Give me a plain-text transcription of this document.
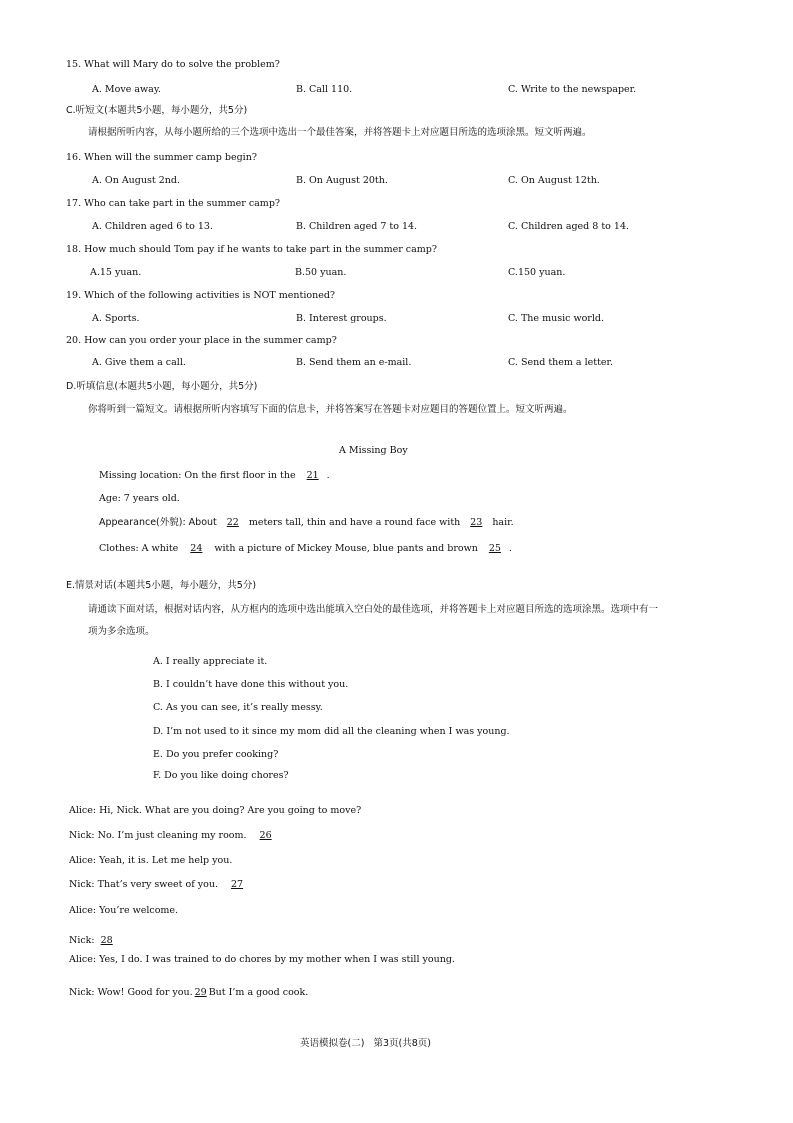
15. What will Mary do to solve the problem?
A. Move away.	B. Call 110.	C. Write to the newspaper.
C.听短文(本题共5小题，每小题分，共5分)
请根据所听内容，从每小题所给的三个选项中选出一个最佳答案，并将答题卡上对应题目所选的选项涂黑。短文听两遍。
16. When will the summer camp begin?
A. On August 2nd.	B. On August 20th.	C. On August 12th.
17. Who can take part in the summer camp?
A. Children aged 6 to 13.	B. Children aged 7 to 14.	C. Children aged 8 to 14.
18. How much should Tom pay if he wants to take part in the summer camp?
A.15 yuan.	B.50 yuan.	C.150 yuan.
19. Which of the following activities is NOT mentioned?
A. Sports.	B. Interest groups.	C. The music world.
20. How can you order your place in the summer camp?
A. Give them a call.	B. Send them an e-mail.	C. Send them a letter.
D.听填信息(本题共5小题，每小题分，共5分)
你将听到一篇短文。请根据所听内容填写下面的信息卡，并将答案写在答题卡对应题目的答题位置上。短文听两遍。
A Missing Boy
Missing location: On the first floor in the 21 .
Age: 7 years old.
Appearance(外貌): About 22 meters tall, thin and have a round face with 23 hair.
Clothes: A white 24 with a picture of Mickey Mouse, blue pants and brown 25 .
E.情景对话(本题共5小题，每小题分，共5分)
请通读下面对话，根据对话内容，从方框内的选项中选出能填入空白处的最佳选项，并将答题卡上对应题目所选的选项涂黑。选项中有一
项为多余选项。
A. I really appreciate it.
B. I couldn’t have done this without you.
C. As you can see, it’s really messy.
D. I’m not used to it since my mom did all the cleaning when I was young.
E. Do you prefer cooking?
F. Do you like doing chores?
Alice: Hi, Nick. What are you doing? Are you going to move?
Nick: No. I’m just cleaning my room. 26
Alice: Yeah, it is. Let me help you.
Nick: That’s very sweet of you. 27
Alice: You’re welcome.
Nick: 28
Alice: Yes, I do. I was trained to do chores by my mother when I was still young.
Nick: Wow! Good for you. 29 But I’m a good cook.
英语模拟卷(二)   第3页(共8页)
